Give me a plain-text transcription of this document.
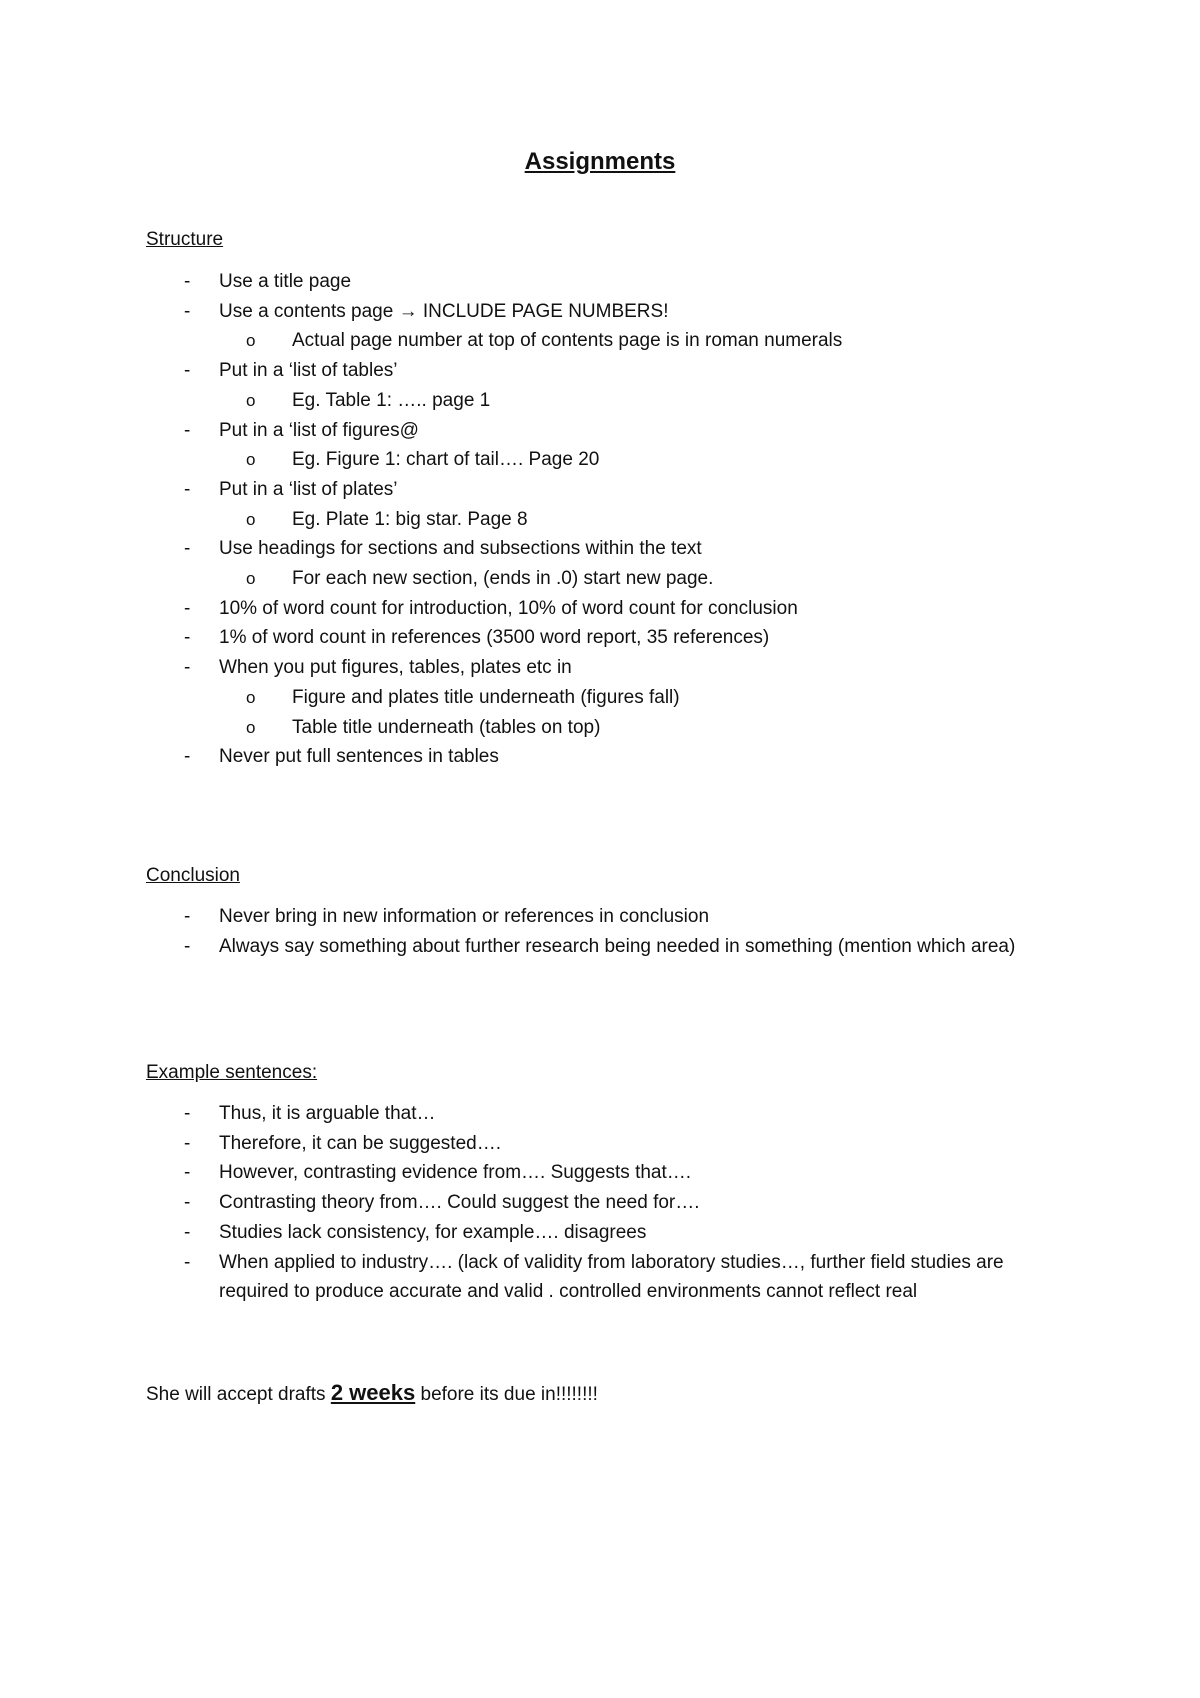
Assignments

Structure

- Use a title page
- Use a contents page → INCLUDE PAGE NUMBERS!
o Actual page number at top of contents page is in roman numerals
- Put in a ‘list of tables’
o Eg. Table 1: ….. page 1
- Put in a ‘list of figures@
o Eg. Figure 1: chart of tail…. Page 20
- Put in a ‘list of plates’
o Eg. Plate 1: big star. Page 8
- Use headings for sections and subsections within the text
o For each new section, (ends in .0) start new page.
- 10% of word count for introduction, 10% of word count for conclusion
- 1% of word count in references (3500 word report, 35 references)
- When you put figures, tables, plates etc in
o Figure and plates title underneath (figures fall)
o Table title underneath (tables on top)
- Never put full sentences in tables

Conclusion

- Never bring in new information or references in conclusion
- Always say something about further research being needed in something (mention which area)

Example sentences:

- Thus, it is arguable that…
- Therefore, it can be suggested….
- However, contrasting evidence from…. Suggests that….
- Contrasting theory from…. Could suggest the need for….
- Studies lack consistency, for example…. disagrees
- When applied to industry…. (lack of validity from laboratory studies…, further field studies are required to produce accurate and valid . controlled environments cannot reflect real
She will accept drafts 2 weeks before its due in!!!!!!!!
